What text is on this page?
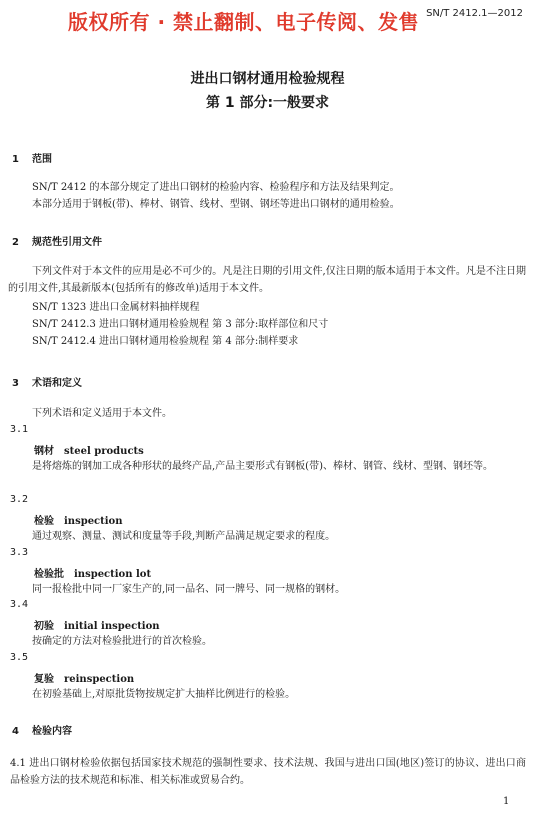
版权所有 · 禁止翻制、电子传阅、发售 SN/T 2412.1—2012
进出口钢材通用检验规程
第 1 部分:一般要求
1 范围
SN/T 2412 的本部分规定了进出口钢材的检验内容、检验程序和方法及结果判定。
本部分适用于钢板(带)、棒材、钢管、线材、型钢、钢坯等进出口钢材的通用检验。
2 规范性引用文件
下列文件对于本文件的应用是必不可少的。凡是注日期的引用文件,仅注日期的版本适用于本文件。凡是不注日期的引用文件,其最新版本(包括所有的修改单)适用于本文件。
SN/T 1323 进出口金属材料抽样规程
SN/T 2412.3 进出口钢材通用检验规程 第 3 部分:取样部位和尺寸
SN/T 2412.4 进出口钢材通用检验规程 第 4 部分:制样要求
3 术语和定义
下列术语和定义适用于本文件。
3.1
钢材 steel products
是将熔炼的钢加工成各种形状的最终产品,产品主要形式有钢板(带)、棒材、钢管、线材、型钢、钢坯等。
3.2
检验 inspection
通过观察、测量、测试和度量等手段,判断产品满足规定要求的程度。
3.3
检验批 inspection lot
同一报检批中同一厂家生产的,同一品名、同一牌号、同一规格的钢材。
3.4
初验 initial inspection
按确定的方法对检验批进行的首次检验。
3.5
复验 reinspection
在初验基础上,对原批货物按规定扩大抽样比例进行的检验。
4 检验内容
4.1 进出口钢材检验依据包括国家技术规范的强制性要求、技术法规、我国与进出口国(地区)签订的协议、进出口商品检验方法的技术规范和标准、相关标准或贸易合约。
1
